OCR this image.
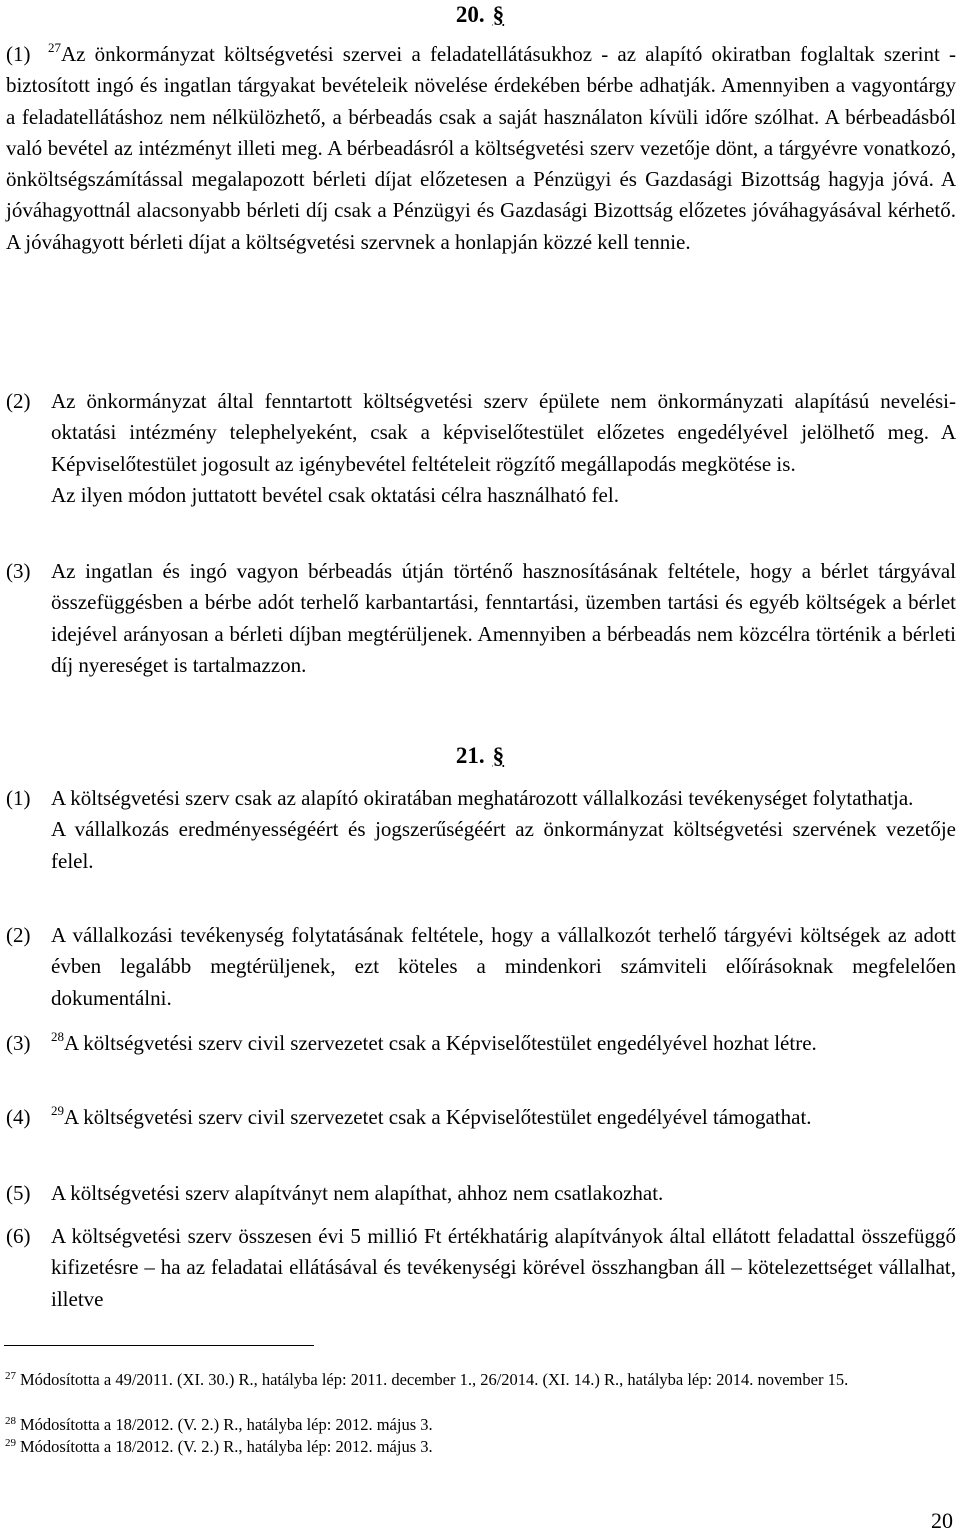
20. §
(1)	$^{27}$Az önkormányzat költségvetési szervei a feladatellátásukhoz - az alapító okiratban foglaltak szerint - biztosított ingó és ingatlan tárgyakat bevételeik növelése érdekében bérbe adhatják. Amennyiben a vagyontárgy a feladatellátáshoz nem nélkülözhető, a bérbeadás csak a saját használaton kívüli időre szólhat. A bérbeadásból való bevétel az intézményt illeti meg. A bérbeadásról a költségvetési szerv vezetője dönt, a tárgyévre vonatkozó, önköltségszámítással megalapozott bérleti díjat előzetesen a Pénzügyi és Gazdasági Bizottság hagyja jóvá. A jóváhagyottnál alacsonyabb bérleti díj csak a Pénzügyi és Gazdasági Bizottság előzetes jóváhagyásával kérhető. A jóváhagyott bérleti díjat a költségvetési szervnek a honlapján közzé kell tennie.
(2) Az önkormányzat által fenntartott költségvetési szerv épülete nem önkormányzati alapítású nevelési-oktatási intézmény telephelyeként, csak a képviselőtestület előzetes engedélyével jelölhető meg. A Képviselőtestület jogosult az igénybevétel feltételeit rögzítő megállapodás megkötése is.
Az ilyen módon juttatott bevétel csak oktatási célra használható fel.
(3) Az ingatlan és ingó vagyon bérbeadás útján történő hasznosításának feltétele, hogy a bérlet tárgyával összefüggésben a bérbe adót terhelő karbantartási, fenntartási, üzemben tartási és egyéb költségek a bérlet idejével arányosan a bérleti díjban megtérüljenek. Amennyiben a bérbeadás nem közcélra történik a bérleti díj nyereséget is tartalmazzon.
21. §
(1) A költségvetési szerv csak az alapító okiratában meghatározott vállalkozási tevékenységet folytathatja.
A vállalkozás eredményességéért és jogszerűségéért az önkormányzat költségvetési szervének vezetője felel.
(2) A vállalkozási tevékenység folytatásának feltétele, hogy a vállalkozót terhelő tárgyévi költségek az adott évben legalább megtérüljenek, ezt köteles a mindenkori számviteli előírásoknak megfelelően dokumentálni.
(3) $^{28}$A költségvetési szerv civil szervezetet csak a Képviselőtestület engedélyével hozhat létre.
(4) $^{29}$A költségvetési szerv civil szervezetet csak a Képviselőtestület engedélyével támogathat.
(5) A költségvetési szerv alapítványt nem alapíthat, ahhoz nem csatlakozhat.
(6) A költségvetési szerv összesen évi 5 millió Ft értékhatárig alapítványok által ellátott feladattal összefüggő kifizetésre – ha az feladatai ellátásával és tevékenységi körével összhangban áll – kötelezettséget vállalhat, illetve
$^{27}$ Módosította a 49/2011. (XI. 30.) R., hatályba lép: 2011. december 1., 26/2014. (XI. 14.) R., hatályba lép: 2014. november 15.
$^{28}$ Módosította a 18/2012. (V. 2.) R., hatályba lép: 2012. május 3.
$^{29}$ Módosította a 18/2012. (V. 2.) R., hatályba lép: 2012. május 3.
20
